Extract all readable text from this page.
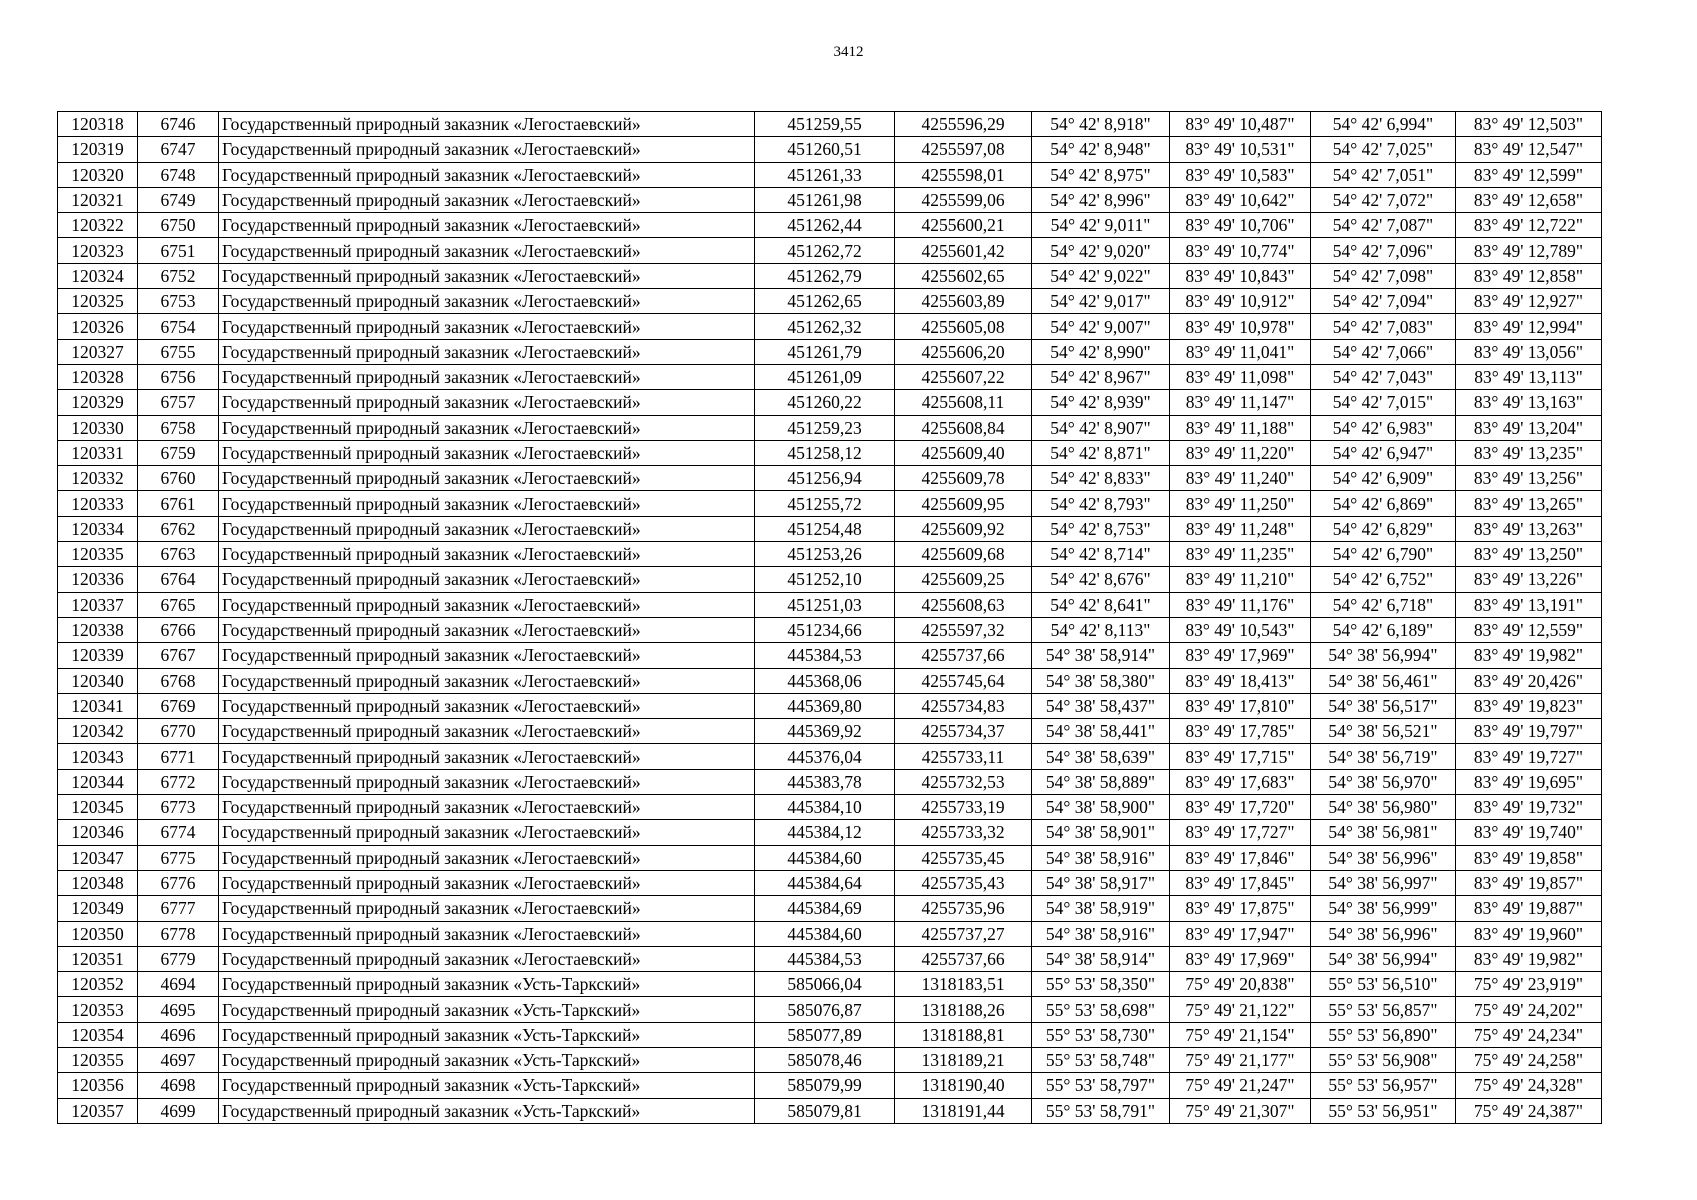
3412
120318	6746	Государственный природный заказник «Легостаевский»	451259,55	4255596,29	54° 42' 8,918"	83° 49' 10,487"	54° 42' 6,994"	83° 49' 12,503"
120319	6747	Государственный природный заказник «Легостаевский»	451260,51	4255597,08	54° 42' 8,948"	83° 49' 10,531"	54° 42' 7,025"	83° 49' 12,547"
120320	6748	Государственный природный заказник «Легостаевский»	451261,33	4255598,01	54° 42' 8,975"	83° 49' 10,583"	54° 42' 7,051"	83° 49' 12,599"
120321	6749	Государственный природный заказник «Легостаевский»	451261,98	4255599,06	54° 42' 8,996"	83° 49' 10,642"	54° 42' 7,072"	83° 49' 12,658"
120322	6750	Государственный природный заказник «Легостаевский»	451262,44	4255600,21	54° 42' 9,011"	83° 49' 10,706"	54° 42' 7,087"	83° 49' 12,722"
120323	6751	Государственный природный заказник «Легостаевский»	451262,72	4255601,42	54° 42' 9,020"	83° 49' 10,774"	54° 42' 7,096"	83° 49' 12,789"
120324	6752	Государственный природный заказник «Легостаевский»	451262,79	4255602,65	54° 42' 9,022"	83° 49' 10,843"	54° 42' 7,098"	83° 49' 12,858"
120325	6753	Государственный природный заказник «Легостаевский»	451262,65	4255603,89	54° 42' 9,017"	83° 49' 10,912"	54° 42' 7,094"	83° 49' 12,927"
120326	6754	Государственный природный заказник «Легостаевский»	451262,32	4255605,08	54° 42' 9,007"	83° 49' 10,978"	54° 42' 7,083"	83° 49' 12,994"
120327	6755	Государственный природный заказник «Легостаевский»	451261,79	4255606,20	54° 42' 8,990"	83° 49' 11,041"	54° 42' 7,066"	83° 49' 13,056"
120328	6756	Государственный природный заказник «Легостаевский»	451261,09	4255607,22	54° 42' 8,967"	83° 49' 11,098"	54° 42' 7,043"	83° 49' 13,113"
120329	6757	Государственный природный заказник «Легостаевский»	451260,22	4255608,11	54° 42' 8,939"	83° 49' 11,147"	54° 42' 7,015"	83° 49' 13,163"
120330	6758	Государственный природный заказник «Легостаевский»	451259,23	4255608,84	54° 42' 8,907"	83° 49' 11,188"	54° 42' 6,983"	83° 49' 13,204"
120331	6759	Государственный природный заказник «Легостаевский»	451258,12	4255609,40	54° 42' 8,871"	83° 49' 11,220"	54° 42' 6,947"	83° 49' 13,235"
120332	6760	Государственный природный заказник «Легостаевский»	451256,94	4255609,78	54° 42' 8,833"	83° 49' 11,240"	54° 42' 6,909"	83° 49' 13,256"
120333	6761	Государственный природный заказник «Легостаевский»	451255,72	4255609,95	54° 42' 8,793"	83° 49' 11,250"	54° 42' 6,869"	83° 49' 13,265"
120334	6762	Государственный природный заказник «Легостаевский»	451254,48	4255609,92	54° 42' 8,753"	83° 49' 11,248"	54° 42' 6,829"	83° 49' 13,263"
120335	6763	Государственный природный заказник «Легостаевский»	451253,26	4255609,68	54° 42' 8,714"	83° 49' 11,235"	54° 42' 6,790"	83° 49' 13,250"
120336	6764	Государственный природный заказник «Легостаевский»	451252,10	4255609,25	54° 42' 8,676"	83° 49' 11,210"	54° 42' 6,752"	83° 49' 13,226"
120337	6765	Государственный природный заказник «Легостаевский»	451251,03	4255608,63	54° 42' 8,641"	83° 49' 11,176"	54° 42' 6,718"	83° 49' 13,191"
120338	6766	Государственный природный заказник «Легостаевский»	451234,66	4255597,32	54° 42' 8,113"	83° 49' 10,543"	54° 42' 6,189"	83° 49' 12,559"
120339	6767	Государственный природный заказник «Легостаевский»	445384,53	4255737,66	54° 38' 58,914"	83° 49' 17,969"	54° 38' 56,994"	83° 49' 19,982"
120340	6768	Государственный природный заказник «Легостаевский»	445368,06	4255745,64	54° 38' 58,380"	83° 49' 18,413"	54° 38' 56,461"	83° 49' 20,426"
120341	6769	Государственный природный заказник «Легостаевский»	445369,80	4255734,83	54° 38' 58,437"	83° 49' 17,810"	54° 38' 56,517"	83° 49' 19,823"
120342	6770	Государственный природный заказник «Легостаевский»	445369,92	4255734,37	54° 38' 58,441"	83° 49' 17,785"	54° 38' 56,521"	83° 49' 19,797"
120343	6771	Государственный природный заказник «Легостаевский»	445376,04	4255733,11	54° 38' 58,639"	83° 49' 17,715"	54° 38' 56,719"	83° 49' 19,727"
120344	6772	Государственный природный заказник «Легостаевский»	445383,78	4255732,53	54° 38' 58,889"	83° 49' 17,683"	54° 38' 56,970"	83° 49' 19,695"
120345	6773	Государственный природный заказник «Легостаевский»	445384,10	4255733,19	54° 38' 58,900"	83° 49' 17,720"	54° 38' 56,980"	83° 49' 19,732"
120346	6774	Государственный природный заказник «Легостаевский»	445384,12	4255733,32	54° 38' 58,901"	83° 49' 17,727"	54° 38' 56,981"	83° 49' 19,740"
120347	6775	Государственный природный заказник «Легостаевский»	445384,60	4255735,45	54° 38' 58,916"	83° 49' 17,846"	54° 38' 56,996"	83° 49' 19,858"
120348	6776	Государственный природный заказник «Легостаевский»	445384,64	4255735,43	54° 38' 58,917"	83° 49' 17,845"	54° 38' 56,997"	83° 49' 19,857"
120349	6777	Государственный природный заказник «Легостаевский»	445384,69	4255735,96	54° 38' 58,919"	83° 49' 17,875"	54° 38' 56,999"	83° 49' 19,887"
120350	6778	Государственный природный заказник «Легостаевский»	445384,60	4255737,27	54° 38' 58,916"	83° 49' 17,947"	54° 38' 56,996"	83° 49' 19,960"
120351	6779	Государственный природный заказник «Легостаевский»	445384,53	4255737,66	54° 38' 58,914"	83° 49' 17,969"	54° 38' 56,994"	83° 49' 19,982"
120352	4694	Государственный природный заказник «Усть-Таркский»	585066,04	1318183,51	55° 53' 58,350"	75° 49' 20,838"	55° 53' 56,510"	75° 49' 23,919"
120353	4695	Государственный природный заказник «Усть-Таркский»	585076,87	1318188,26	55° 53' 58,698"	75° 49' 21,122"	55° 53' 56,857"	75° 49' 24,202"
120354	4696	Государственный природный заказник «Усть-Таркский»	585077,89	1318188,81	55° 53' 58,730"	75° 49' 21,154"	55° 53' 56,890"	75° 49' 24,234"
120355	4697	Государственный природный заказник «Усть-Таркский»	585078,46	1318189,21	55° 53' 58,748"	75° 49' 21,177"	55° 53' 56,908"	75° 49' 24,258"
120356	4698	Государственный природный заказник «Усть-Таркский»	585079,99	1318190,40	55° 53' 58,797"	75° 49' 21,247"	55° 53' 56,957"	75° 49' 24,328"
120357	4699	Государственный природный заказник «Усть-Таркский»	585079,81	1318191,44	55° 53' 58,791"	75° 49' 21,307"	55° 53' 56,951"	75° 49' 24,387"
